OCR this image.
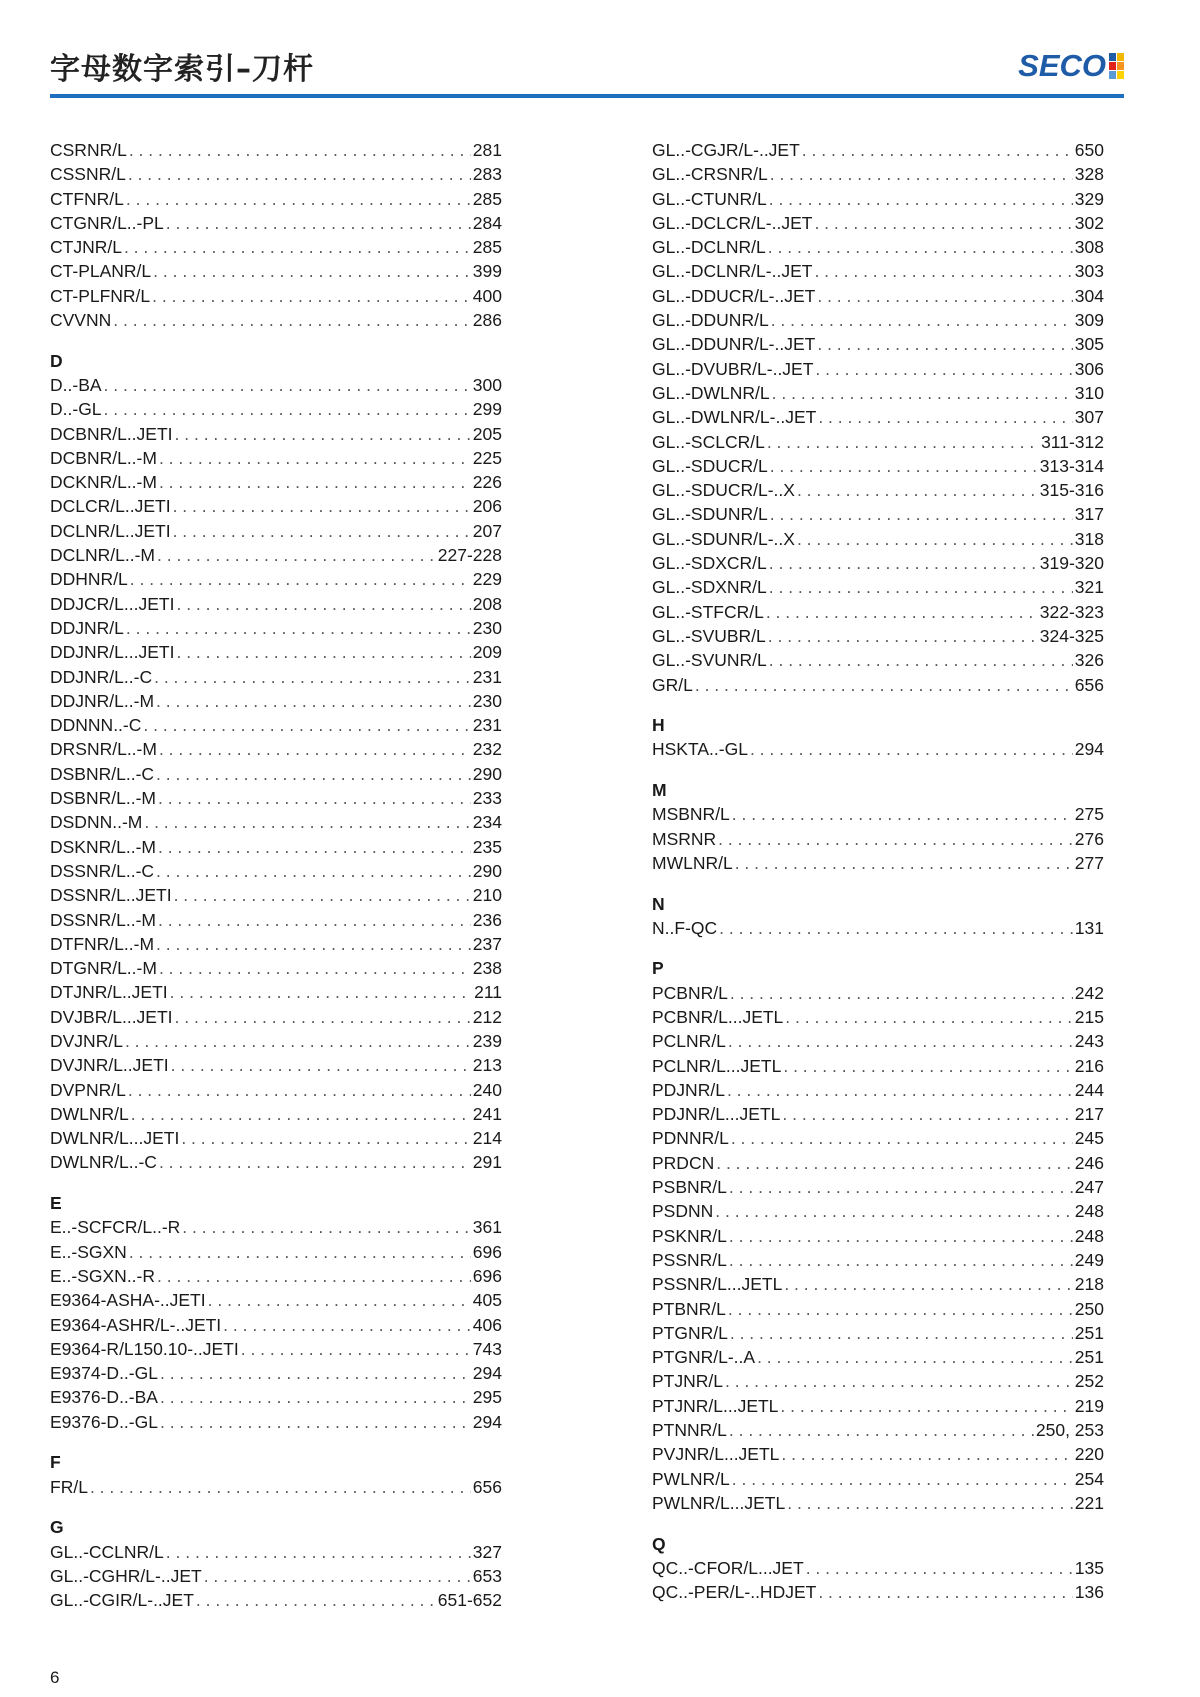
字母数字索引–刀杆	SECO
CSRNR/L . . .	281
CSSNR/L . . .	283
CTFNR/L . . .	285
CTGNR/L..-PL . . .	284
CTJNR/L . . .	285
CT-PLANR/L . . .	399
CT-PLFNR/L . . .	400
CVVNN . . .	286
D
D..-BA . . .	300
D..-GL . . .	299
DCBNR/L..JETI . . .	205
DCBNR/L..-M . . .	225
DCKNR/L..-M . . .	226
DCLCR/L..JETI . . .	206
DCLNR/L..JETI . . .	207
DCLNR/L..-M . . .	227-228
DDHNR/L . . .	229
DDJCR/L...JETI . . .	208
DDJNR/L . . .	230
DDJNR/L...JETI . . .	209
DDJNR/L..-C . . .	231
DDJNR/L..-M . . .	230
DDNNN..-C . . .	231
DRSNR/L..-M . . .	232
DSBNR/L..-C . . .	290
DSBNR/L..-M . . .	233
DSDNN..-M . . .	234
DSKNR/L..-M . . .	235
DSSNR/L..-C . . .	290
DSSNR/L..JETI . . .	210
DSSNR/L..-M . . .	236
DTFNR/L..-M . . .	237
DTGNR/L..-M . . .	238
DTJNR/L..JETI . . .	211
DVJBR/L...JETI . . .	212
DVJNR/L . . .	239
DVJNR/L..JETI . . .	213
DVPNR/L . . .	240
DWLNR/L . . .	241
DWLNR/L...JETI . . .	214
DWLNR/L..-C . . .	291
E
E..-SCFCR/L..-R . . .	361
E..-SGXN . . .	696
E..-SGXN..-R . . .	696
E9364-ASHA-..JETI . . .	405
E9364-ASHR/L-..JETI . . .	406
E9364-R/L150.10-..JETI . . .	743
E9374-D..-GL . . .	294
E9376-D..-BA . . .	295
E9376-D..-GL . . .	294
F
FR/L . . .	656
G
GL..-CCLNR/L . . .	327
GL..-CGHR/L-..JET . . .	653
GL..-CGIR/L-..JET . . .	651-652
GL..-CGJR/L-..JET . . .	650
GL..-CRSNR/L . . .	328
GL..-CTUNR/L . . .	329
GL..-DCLCR/L-..JET . . .	302
GL..-DCLNR/L . . .	308
GL..-DCLNR/L-..JET . . .	303
GL..-DDUCR/L-..JET . . .	304
GL..-DDUNR/L . . .	309
GL..-DDUNR/L-..JET . . .	305
GL..-DVUBR/L-..JET . . .	306
GL..-DWLNR/L . . .	310
GL..-DWLNR/L-..JET . . .	307
GL..-SCLCR/L . . .	311-312
GL..-SDUCR/L . . .	313-314
GL..-SDUCR/L-..X . . .	315-316
GL..-SDUNR/L . . .	317
GL..-SDUNR/L-..X . . .	318
GL..-SDXCR/L . . .	319-320
GL..-SDXNR/L . . .	321
GL..-STFCR/L . . .	322-323
GL..-SVUBR/L . . .	324-325
GL..-SVUNR/L . . .	326
GR/L . . .	656
H
HSKTA..-GL . . .	294
M
MSBNR/L . . .	275
MSRNR . . .	276
MWLNR/L . . .	277
N
N..F-QC . . .	131
P
PCBNR/L . . .	242
PCBNR/L...JETL . . .	215
PCLNR/L . . .	243
PCLNR/L...JETL . . .	216
PDJNR/L . . .	244
PDJNR/L...JETL . . .	217
PDNNR/L . . .	245
PRDCN . . .	246
PSBNR/L . . .	247
PSDNN . . .	248
PSKNR/L . . .	248
PSSNR/L . . .	249
PSSNR/L...JETL . . .	218
PTBNR/L . . .	250
PTGNR/L . . .	251
PTGNR/L-..A . . .	251
PTJNR/L . . .	252
PTJNR/L...JETL . . .	219
PTNNR/L . . .	250, 253
PVJNR/L...JETL . . .	220
PWLNR/L . . .	254
PWLNR/L...JETL . . .	221
Q
QC..-CFOR/L...JET . . .	135
QC..-PER/L-..HDJET . . .	136
6
